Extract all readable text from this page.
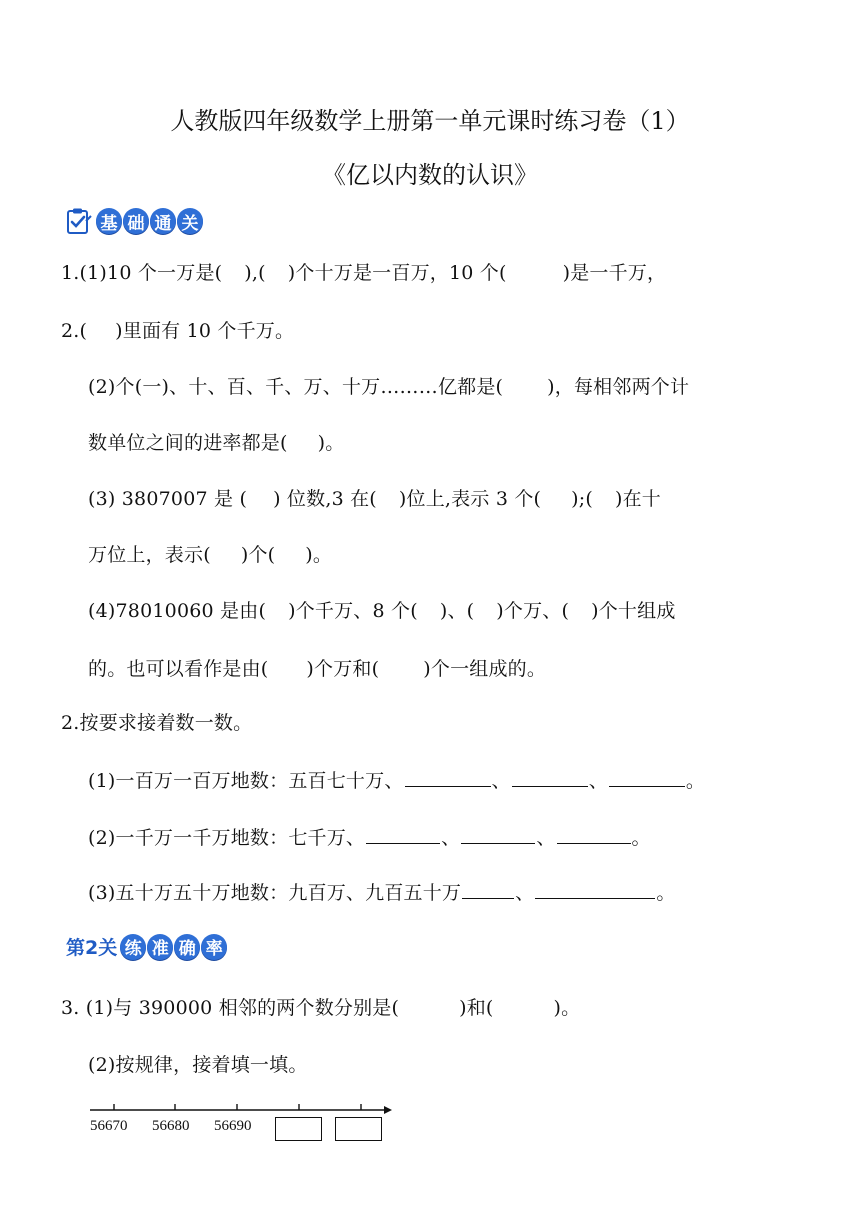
人教版四年级数学上册第一单元课时练习卷（1）
《亿以内数的认识》
基 础 通 关
1.(1)10 个一万是( ),( )个十万是一百万，10 个(	)是一千万，
2.( )里面有 10 个千万。
(2)个(一)、十、百、千、万、十万………亿都是( )，每相邻两个计
数单位之间的进率都是( )。
(3) 3807007 是 ( ) 位数,3 在( )位上,表示 3 个( );( )在十
万位上，表示( )个( )。
(4)78010060 是由( )个千万、8 个( )、( )个万、( )个十组成
的。也可以看作是由( )个万和( )个一组成的。
2.按要求接着数一数。
(1)一百万一百万地数：五百七十万、	、	、	。
(2)一千万一千万地数：七千万、	、	、	。
(3)五十万五十万地数：九百万、九百五十万	、	。
第2关 练 准 确 率
3. (1)与 390000 相邻的两个数分别是(	)和(	)。
(2)按规律，接着填一填。
56670 56680 56690
